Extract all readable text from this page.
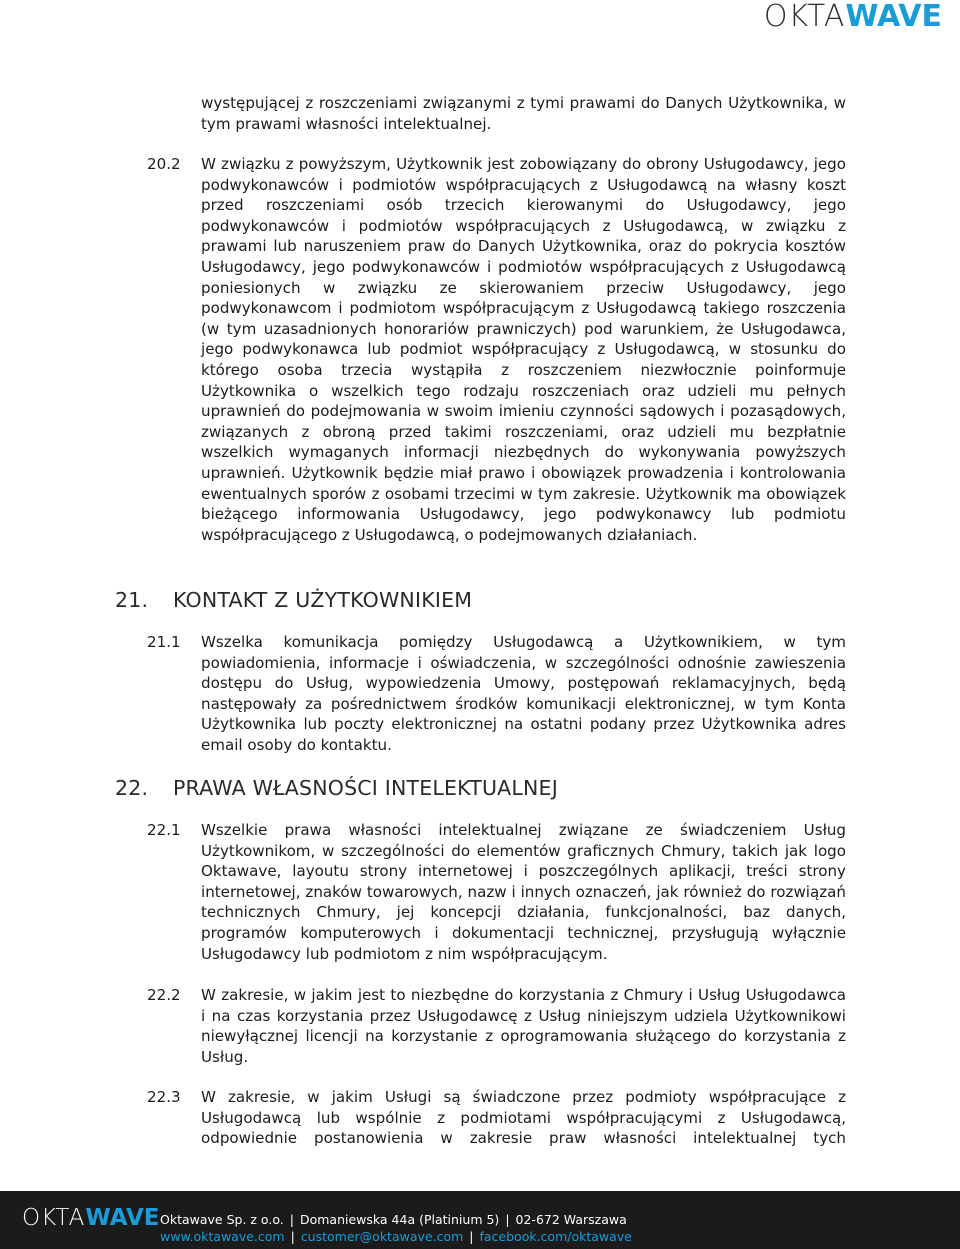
OKTAWAVE
występującej z roszczeniami związanymi z tymi prawami do Danych Użytkownika, w tym prawami własności intelektualnej.
20.2 W związku z powyższym, Użytkownik jest zobowiązany do obrony Usługodawcy, jego podwykonawców i podmiotów współpracujących z Usługodawcą na własny koszt przed roszczeniami osób trzecich kierowanymi do Usługodawcy, jego podwykonawców i podmiotów współpracujących z Usługodawcą, w związku z prawami lub naruszeniem praw do Danych Użytkownika, oraz do pokrycia kosztów Usługodawcy, jego podwykonawców i podmiotów współpracujących z Usługodawcą poniesionych w związku ze skierowaniem przeciw Usługodawcy, jego podwykonawcom i podmiotom współpracującym z Usługodawcą takiego roszczenia (w tym uzasadnionych honorariów prawniczych) pod warunkiem, że Usługodawca, jego podwykonawca lub podmiot współpracujący z Usługodawcą, w stosunku do którego osoba trzecia wystąpiła z roszczeniem niezwłocznie poinformuje Użytkownika o wszelkich tego rodzaju roszczeniach oraz udzieli mu pełnych uprawnień do podejmowania w swoim imieniu czynności sądowych i pozasądowych, związanych z obroną przed takimi roszczeniami, oraz udzieli mu bezpłatnie wszelkich wymaganych informacji niezbędnych do wykonywania powyższych uprawnień. Użytkownik będzie miał prawo i obowiązek prowadzenia i kontrolowania ewentualnych sporów z osobami trzecimi w tym zakresie. Użytkownik ma obowiązek bieżącego informowania Usługodawcy, jego podwykonawcy lub podmiotu współpracującego z Usługodawcą, o podejmowanych działaniach.
21. KONTAKT Z UŻYTKOWNIKIEM
21.1 Wszelka komunikacja pomiędzy Usługodawcą a Użytkownikiem, w tym powiadomienia, informacje i oświadczenia, w szczególności odnośnie zawieszenia dostępu do Usług, wypowiedzenia Umowy, postępowań reklamacyjnych, będą następowały za pośrednictwem środków komunikacji elektronicznej, w tym Konta Użytkownika lub poczty elektronicznej na ostatni podany przez Użytkownika adres email osoby do kontaktu.
22. PRAWA WŁASNOŚCI INTELEKTUALNEJ
22.1 Wszelkie prawa własności intelektualnej związane ze świadczeniem Usług Użytkownikom, w szczególności do elementów graficznych Chmury, takich jak logo Oktawave, layoutu strony internetowej i poszczególnych aplikacji, treści strony internetowej, znaków towarowych, nazw i innych oznaczeń, jak również do rozwiązań technicznych Chmury, jej koncepcji działania, funkcjonalności, baz danych, programów komputerowych i dokumentacji technicznej, przysługują wyłącznie Usługodawcy lub podmiotom z nim współpracującym.
22.2 W zakresie, w jakim jest to niezbędne do korzystania z Chmury i Usług Usługodawca i na czas korzystania przez Usługodawcę z Usług niniejszym udziela Użytkownikowi niewyłącznej licencji na korzystanie z oprogramowania służącego do korzystania z Usług.
22.3 W zakresie, w jakim Usługi są świadczone przez podmioty współpracujące z Usługodawcą lub wspólnie z podmiotami współpracującymi z Usługodawcą, odpowiednie postanowienia w zakresie praw własności intelektualnej tych
OKTAWAVE Oktawave Sp. z o.o. | Domaniewska 44a (Platinium 5) | 02-672 Warszawa
www.oktawave.com | customer@oktawave.com | facebook.com/oktawave
